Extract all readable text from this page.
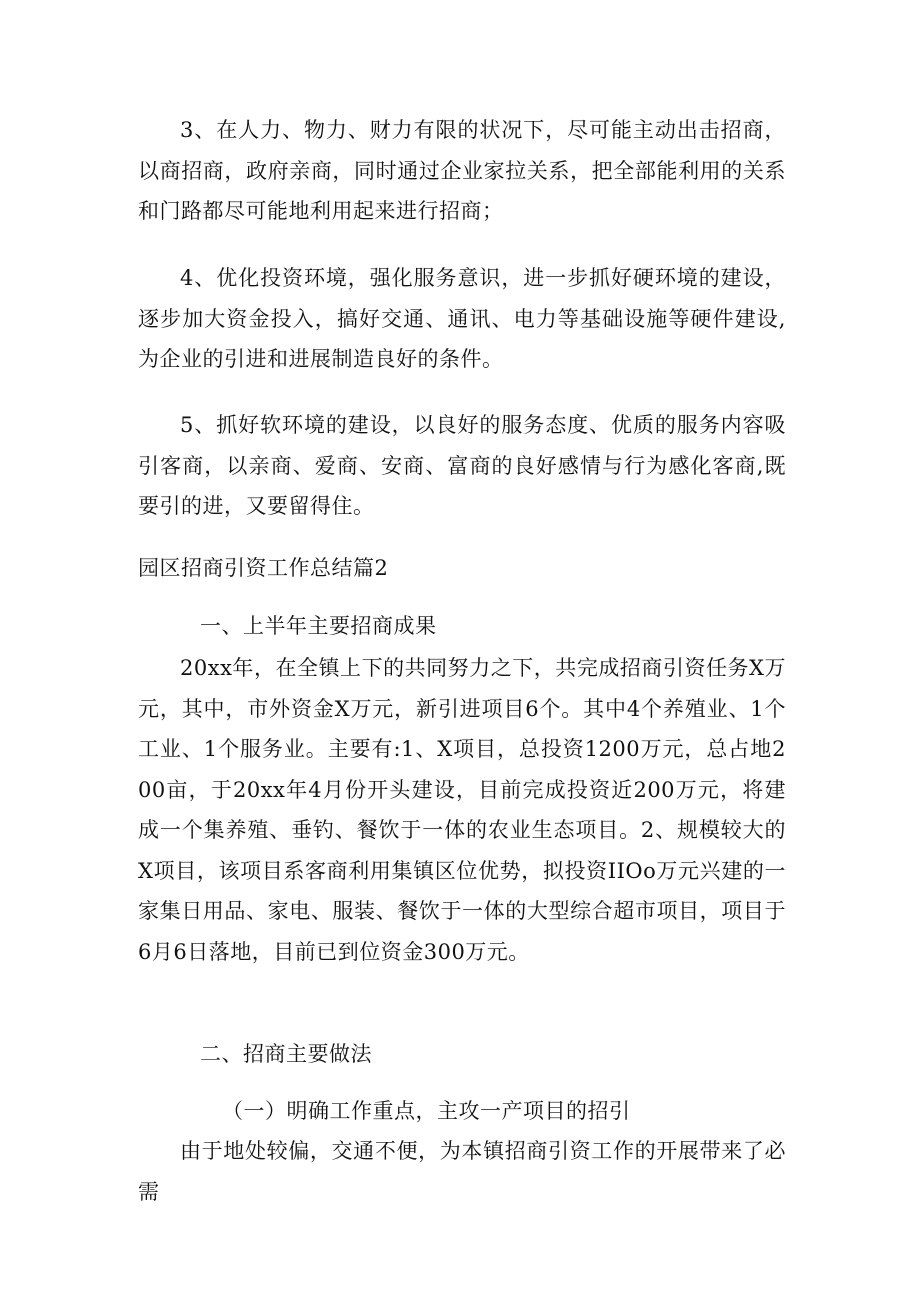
3、在人力、物力、财力有限的状况下，尽可能主动出击招商，以商招商，政府亲商，同时通过企业家拉关系，把全部能利用的关系和门路都尽可能地利用起来进行招商；

4、优化投资环境，强化服务意识，进一步抓好硬环境的建设，逐步加大资金投入，搞好交通、通讯、电力等基础设施等硬件建设,为企业的引进和进展制造良好的条件。

5、抓好软环境的建设，以良好的服务态度、优质的服务内容吸引客商，以亲商、爱商、安商、富商的良好感情与行为感化客商,既要引的进，又要留得住。

园区招商引资工作总结篇2

一、上半年主要招商成果

20xx年，在全镇上下的共同努力之下，共完成招商引资任务X万元，其中，市外资金X万元，新引进项目6个。其中4个养殖业、1个工业、1个服务业。主要有:1、X项目，总投资1200万元，总占地200亩，于20xx年4月份开头建设，目前完成投资近200万元，将建成一个集养殖、垂钓、餐饮于一体的农业生态项目。2、规模较大的X项目，该项目系客商利用集镇区位优势，拟投资IIOo万元兴建的一家集日用品、家电、服装、餐饮于一体的大型综合超市项目，项目于6月6日落地，目前已到位资金300万元。

二、招商主要做法

（一）明确工作重点，主攻一产项目的招引

由于地处较偏，交通不便，为本镇招商引资工作的开展带来了必需
